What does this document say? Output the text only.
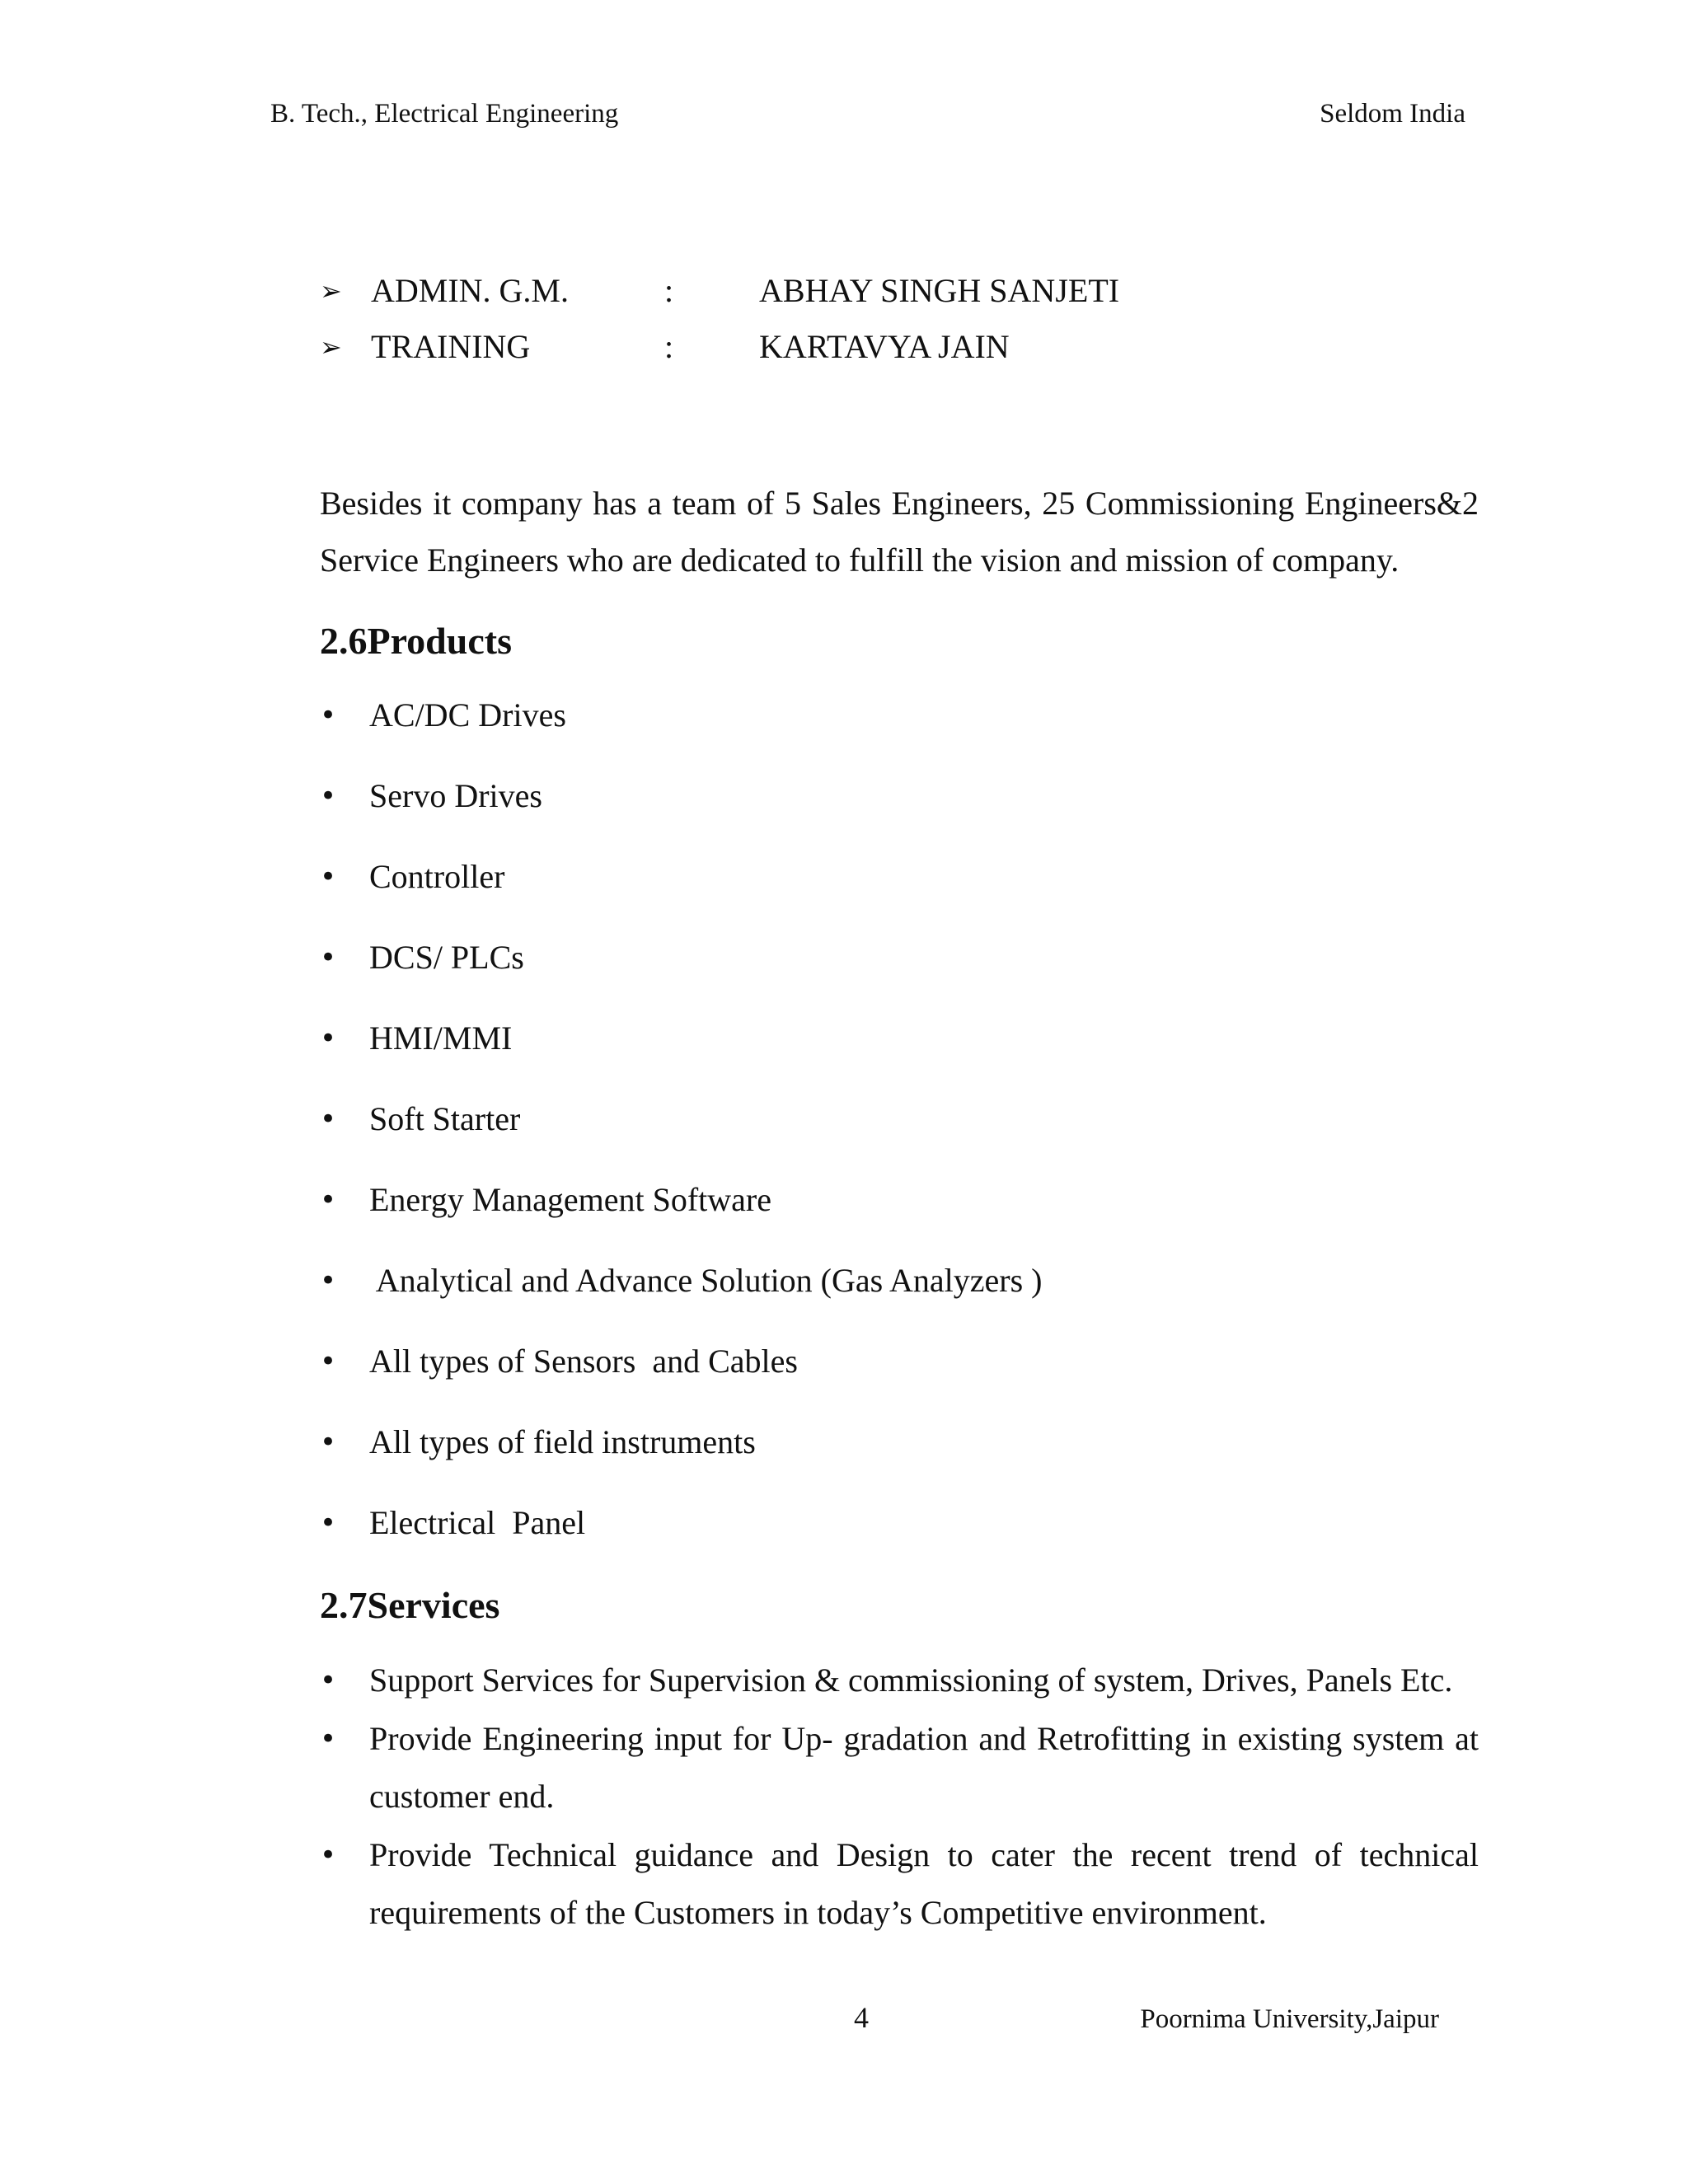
B. Tech., Electrical Engineering	Seldom India
➢ ADMIN. G.M.	:	ABHAY SINGH SANJETI
➢ TRAINING	:	KARTAVYA JAIN

Besides it company has a team of 5 Sales Engineers, 25 Commissioning Engineers&2 Service Engineers who are dedicated to fulfill the vision and mission of company.

2.6Products
• AC/DC Drives
• Servo Drives
• Controller
• DCS/ PLCs
• HMI/MMI
• Soft Starter
• Energy Management Software
• Analytical and Advance Solution (Gas Analyzers )
• All types of Sensors  and Cables
• All types of field instruments
• Electrical  Panel
2.7Services
• Support Services for Supervision & commissioning of system, Drives, Panels Etc.
• Provide Engineering input for Up- gradation and Retrofitting in existing system at customer end.
• Provide Technical guidance and Design to cater the recent trend of technical requirements of the Customers in today’s Competitive environment.
4	Poornima University,Jaipur
